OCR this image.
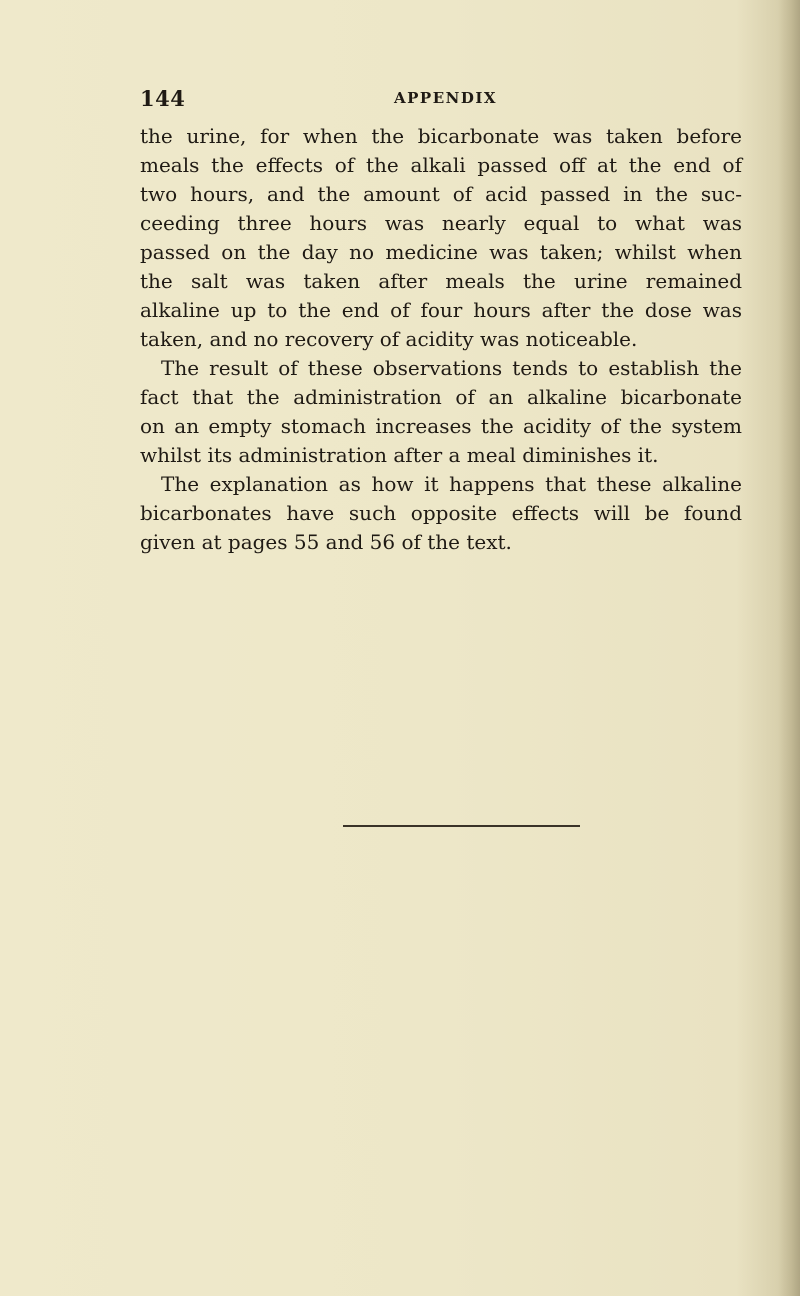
144	APPENDIX
the urine, for when the bicarbonate was taken before
meals the effects of the alkali passed off at the end of
two hours, and the amount of acid passed in the suc-
ceeding three hours was nearly equal to what was
passed on the day no medicine was taken; whilst when
the salt was taken after meals the urine remained
alkaline up to the end of four hours after the dose was
taken, and no recovery of acidity was noticeable.
The result of these observations tends to establish the
fact that the administration of an alkaline bicarbonate
on an empty stomach increases the acidity of the system
whilst its administration after a meal diminishes it.
The explanation as how it happens that these alkaline
bicarbonates have such opposite effects will be found
given at pages 55 and 56 of the text.
